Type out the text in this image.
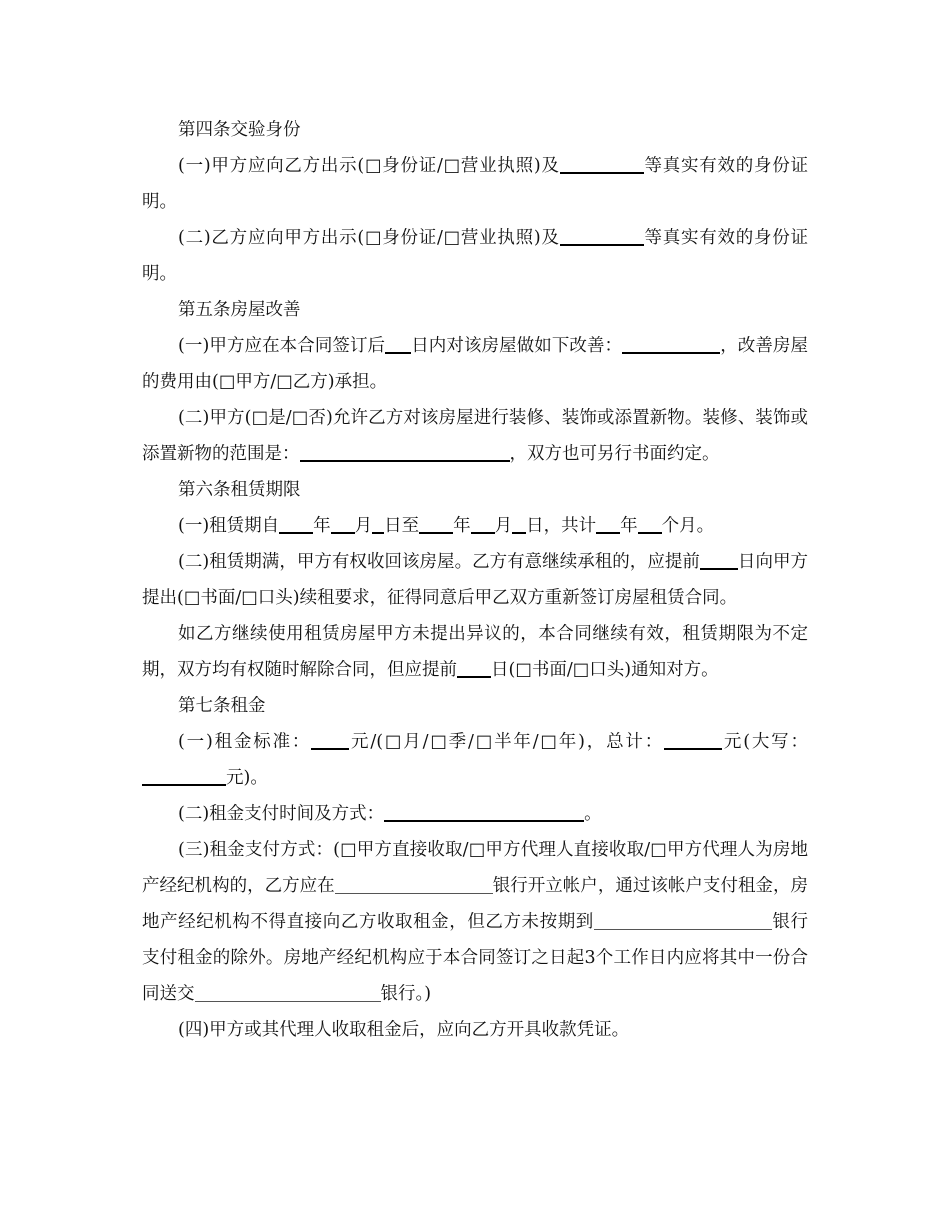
第四条交验身份

(一)甲方应向乙方出示(□身份证/□营业执照)及	等真实有效的身份证明。

(二)乙方应向甲方出示(□身份证/□营业执照)及	等真实有效的身份证明。

第五条房屋改善

(一)甲方应在本合同签订后 日内对该房屋做如下改善：	，改善房屋的费用由(□甲方/□乙方)承担。

(二)甲方(□是/□否)允许乙方对该房屋进行装修、装饰或添置新物。装修、装饰或添置新物的范围是：	，双方也可另行书面约定。

第六条租赁期限

(一)租赁期自 年 月 日至 年 月 日，共计 年 个月。

(二)租赁期满，甲方有权收回该房屋。乙方有意继续承租的，应提前 日向甲方提出(□书面/□口头)续租要求，征得同意后甲乙双方重新签订房屋租赁合同。

如乙方继续使用租赁房屋甲方未提出异议的，本合同继续有效，租赁期限为不定期，双方均有权随时解除合同，但应提前 日(□书面/□口头)通知对方。

第七条租金

(一)租金标准： 元/(□月/□季/□半年/□年)，总计：	元(大写：元)。

(二)租金支付时间及方式：	。

(三)租金支付方式：(□甲方直接收取/□甲方代理人直接收取/□甲方代理人为房地产经纪机构的，乙方应在	银行开立帐户，通过该帐户支付租金，房地产经纪机构不得直接向乙方收取租金，但乙方未按期到	银行支付租金的除外。房地产经纪机构应于本合同签订之日起3个工作日内应将其中一份合同送交	银行。)

(四)甲方或其代理人收取租金后，应向乙方开具收款凭证。
